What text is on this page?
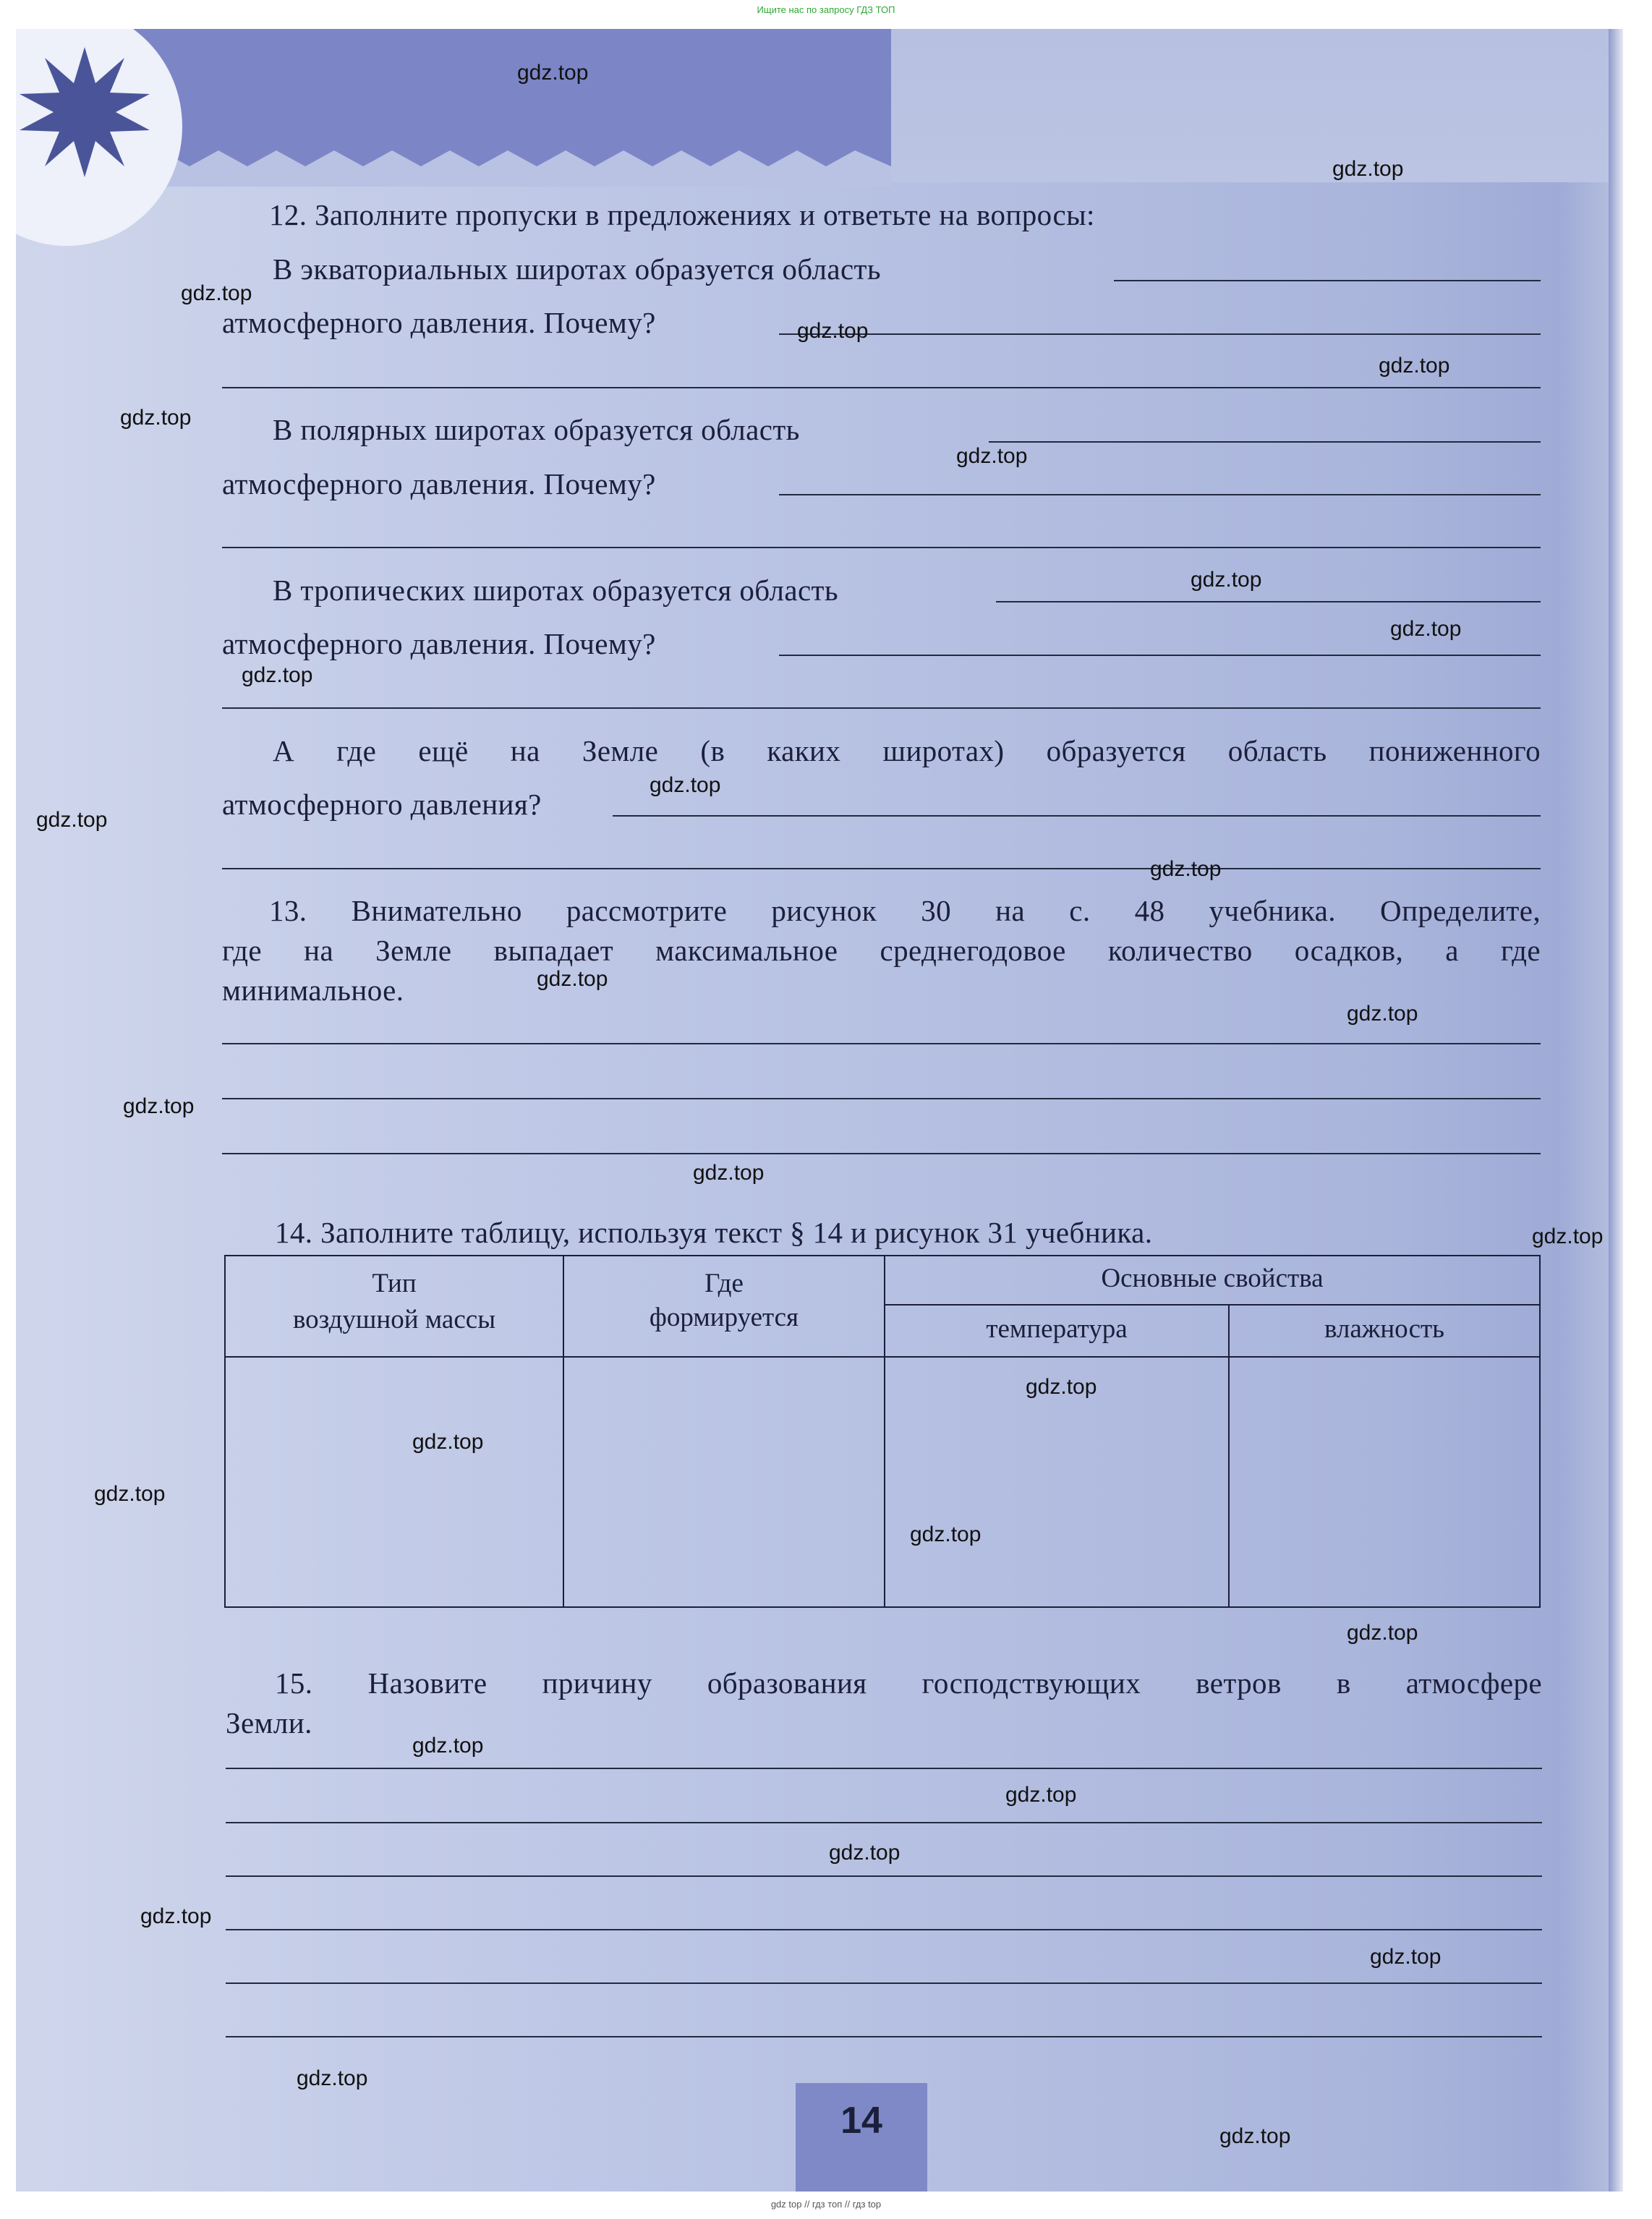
Ищите нас по запросу ГДЗ ТОП
12. Заполните пропуски в предложениях и ответьте на вопросы:
В экваториальных широтах образуется область
атмосферного давления. Почему?
В полярных широтах образуется область
атмосферного давления. Почему?
В тропических широтах образуется область
атмосферного давления. Почему?
А где ещё на Земле (в каких широтах) образуется область пониженного
атмосферного давления?
13. Внимательно рассмотрите рисунок 30 на с. 48 учебника. Определите,
где на Земле выпадает максимальное среднегодовое количество осадков, а где
минимальное.
14. Заполните таблицу, используя текст § 14 и рисунок 31 учебника.
Тип
воздушной массы
Где
формируется
Основные свойства
температура	влажность
15. Назовите причину образования господствующих ветров в атмосфере
Земли.
14
gdz.top
gdz.top
gdz.top
gdz.top
gdz.top
gdz.top
gdz.top
gdz.top
gdz.top
gdz.top
gdz.top
gdz.top
gdz.top
gdz.top
gdz.top
gdz.top
gdz.top
gdz.top
gdz.top
gdz.top
gdz.top
gdz.top
gdz.top
gdz.top
gdz.top
gdz.top
gdz.top
gdz.top
gdz.top
gdz.top
gdz top // гдз топ // гдз top
